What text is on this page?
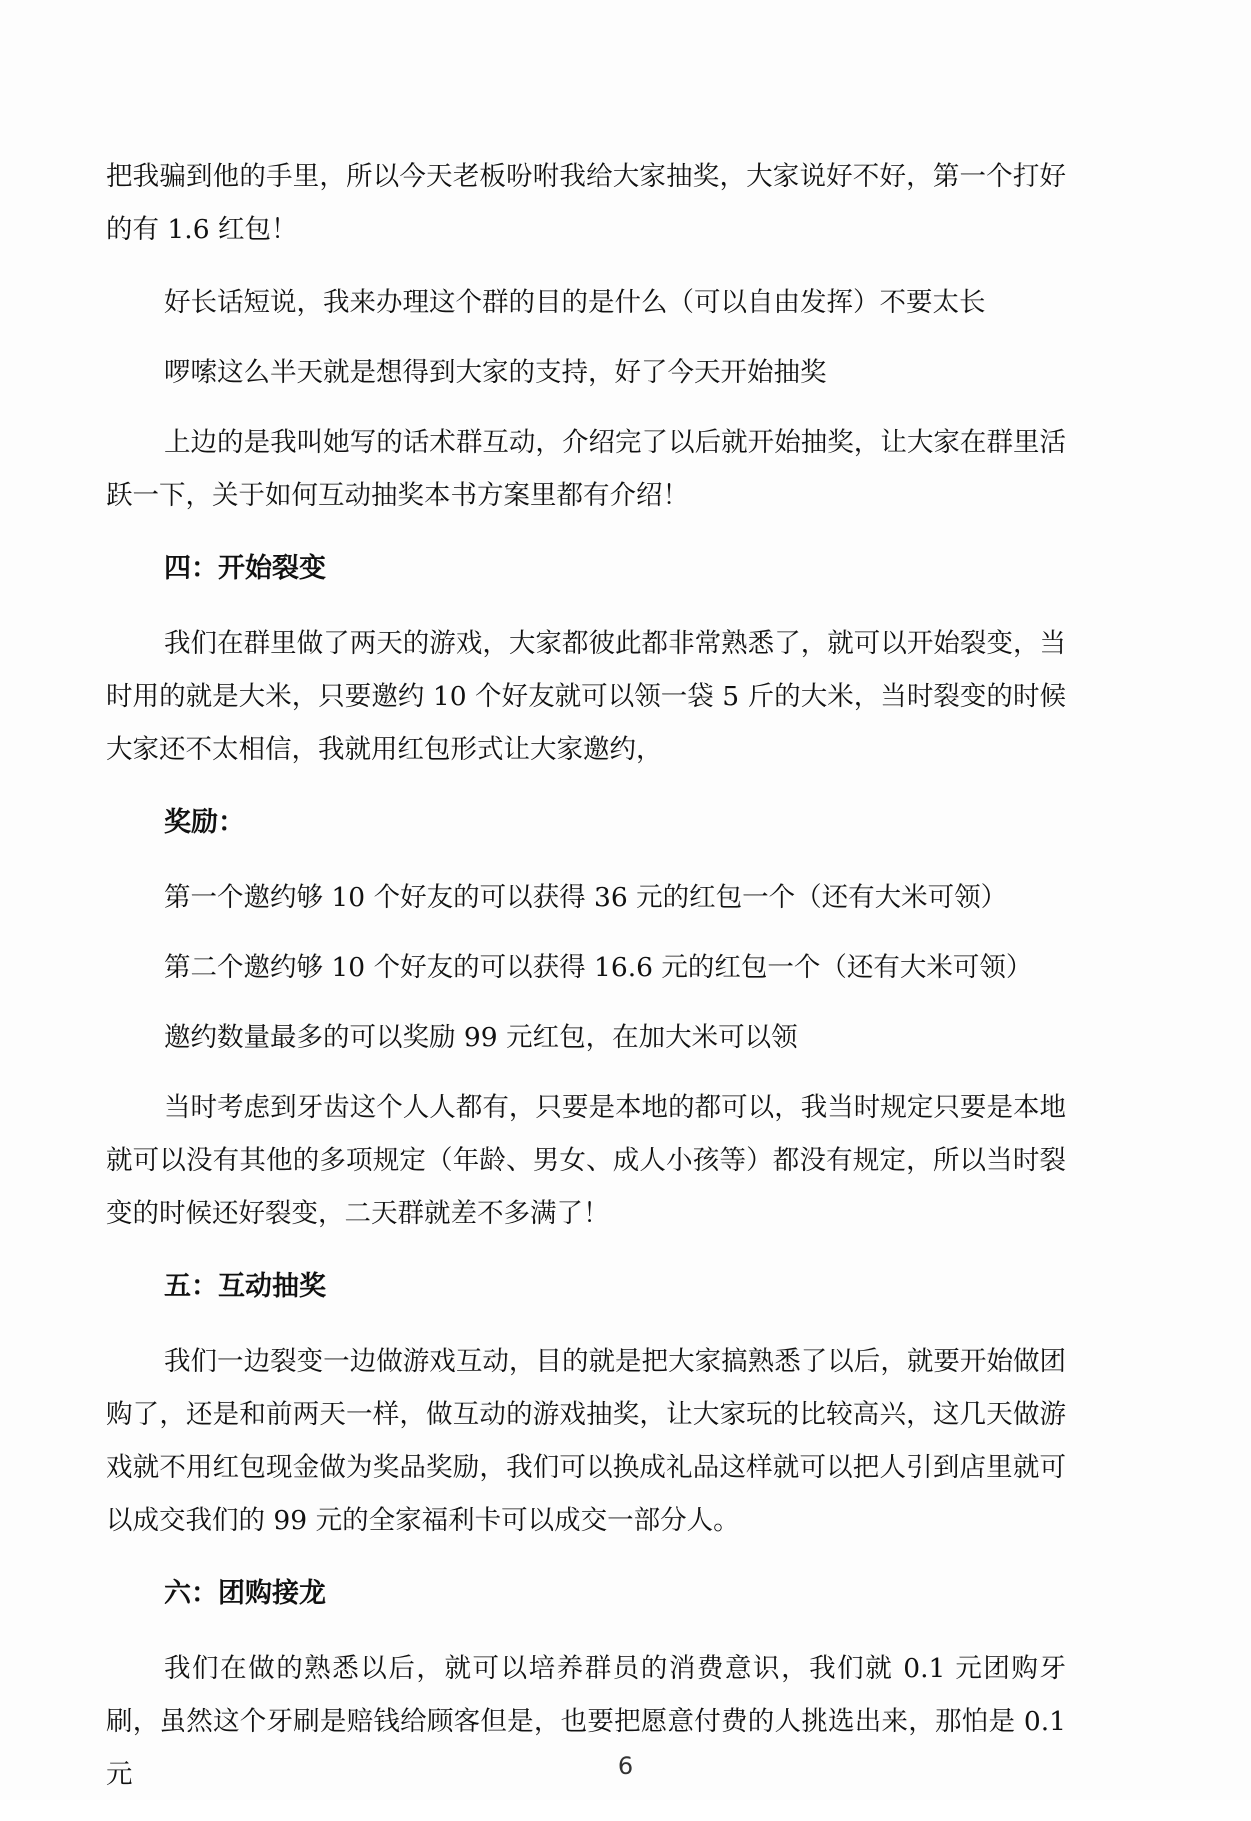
把我骗到他的手里，所以今天老板吩咐我给大家抽奖，大家说好不好，第一个打好的有 1.6 红包！

好长话短说，我来办理这个群的目的是什么（可以自由发挥）不要太长

啰嗦这么半天就是想得到大家的支持，好了今天开始抽奖

上边的是我叫她写的话术群互动，介绍完了以后就开始抽奖，让大家在群里活跃一下，关于如何互动抽奖本书方案里都有介绍！

四：开始裂变

我们在群里做了两天的游戏，大家都彼此都非常熟悉了，就可以开始裂变，当时用的就是大米，只要邀约 10 个好友就可以领一袋 5 斤的大米，当时裂变的时候大家还不太相信，我就用红包形式让大家邀约，

奖励：

第一个邀约够 10 个好友的可以获得 36 元的红包一个（还有大米可领）

第二个邀约够 10 个好友的可以获得 16.6 元的红包一个（还有大米可领）

邀约数量最多的可以奖励 99 元红包，在加大米可以领

当时考虑到牙齿这个人人都有，只要是本地的都可以，我当时规定只要是本地就可以没有其他的多项规定（年龄、男女、成人小孩等）都没有规定，所以当时裂变的时候还好裂变，二天群就差不多满了！

五：互动抽奖

我们一边裂变一边做游戏互动，目的就是把大家搞熟悉了以后，就要开始做团购了，还是和前两天一样，做互动的游戏抽奖，让大家玩的比较高兴，这几天做游戏就不用红包现金做为奖品奖励，我们可以换成礼品这样就可以把人引到店里就可以成交我们的 99 元的全家福利卡可以成交一部分人。

六：团购接龙

我们在做的熟悉以后，就可以培养群员的消费意识，我们就 0.1 元团购牙刷，虽然这个牙刷是赔钱给顾客但是，也要把愿意付费的人挑选出来，那怕是 0.1 元	6
